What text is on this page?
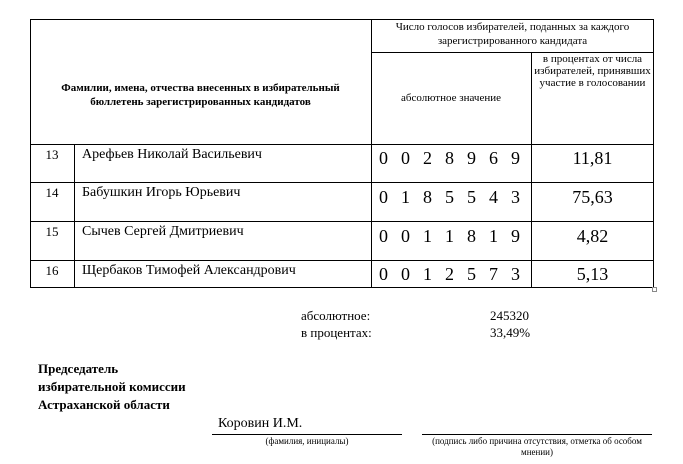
Фамилии, имена, отчества внесенных в избирательный бюллетень зарегистрированных кандидатов
Число голосов избирателей, поданных за каждого зарегистрированного кандидата
абсолютное значение
в процентах от числа избирателей, принявших участие в голосовании
13	Арефьев Николай Васильевич	0 0 2 8 9 6 9	11,81
14	Бабушкин Игорь Юрьевич	0 1 8 5 5 4 3	75,63
15	Сычев Сергей Дмитриевич	0 0 1 1 8 1 9	4,82
16	Щербаков Тимофей Александрович	0 0 1 2 5 7 3	5,13
абсолютное:	245320
в процентах:	33,49%
Председатель избирательной комиссии Астраханской области
Коровин И.М.
(фамилия, инициалы)	(подпись либо причина отсутствия, отметка об особом мнении)
